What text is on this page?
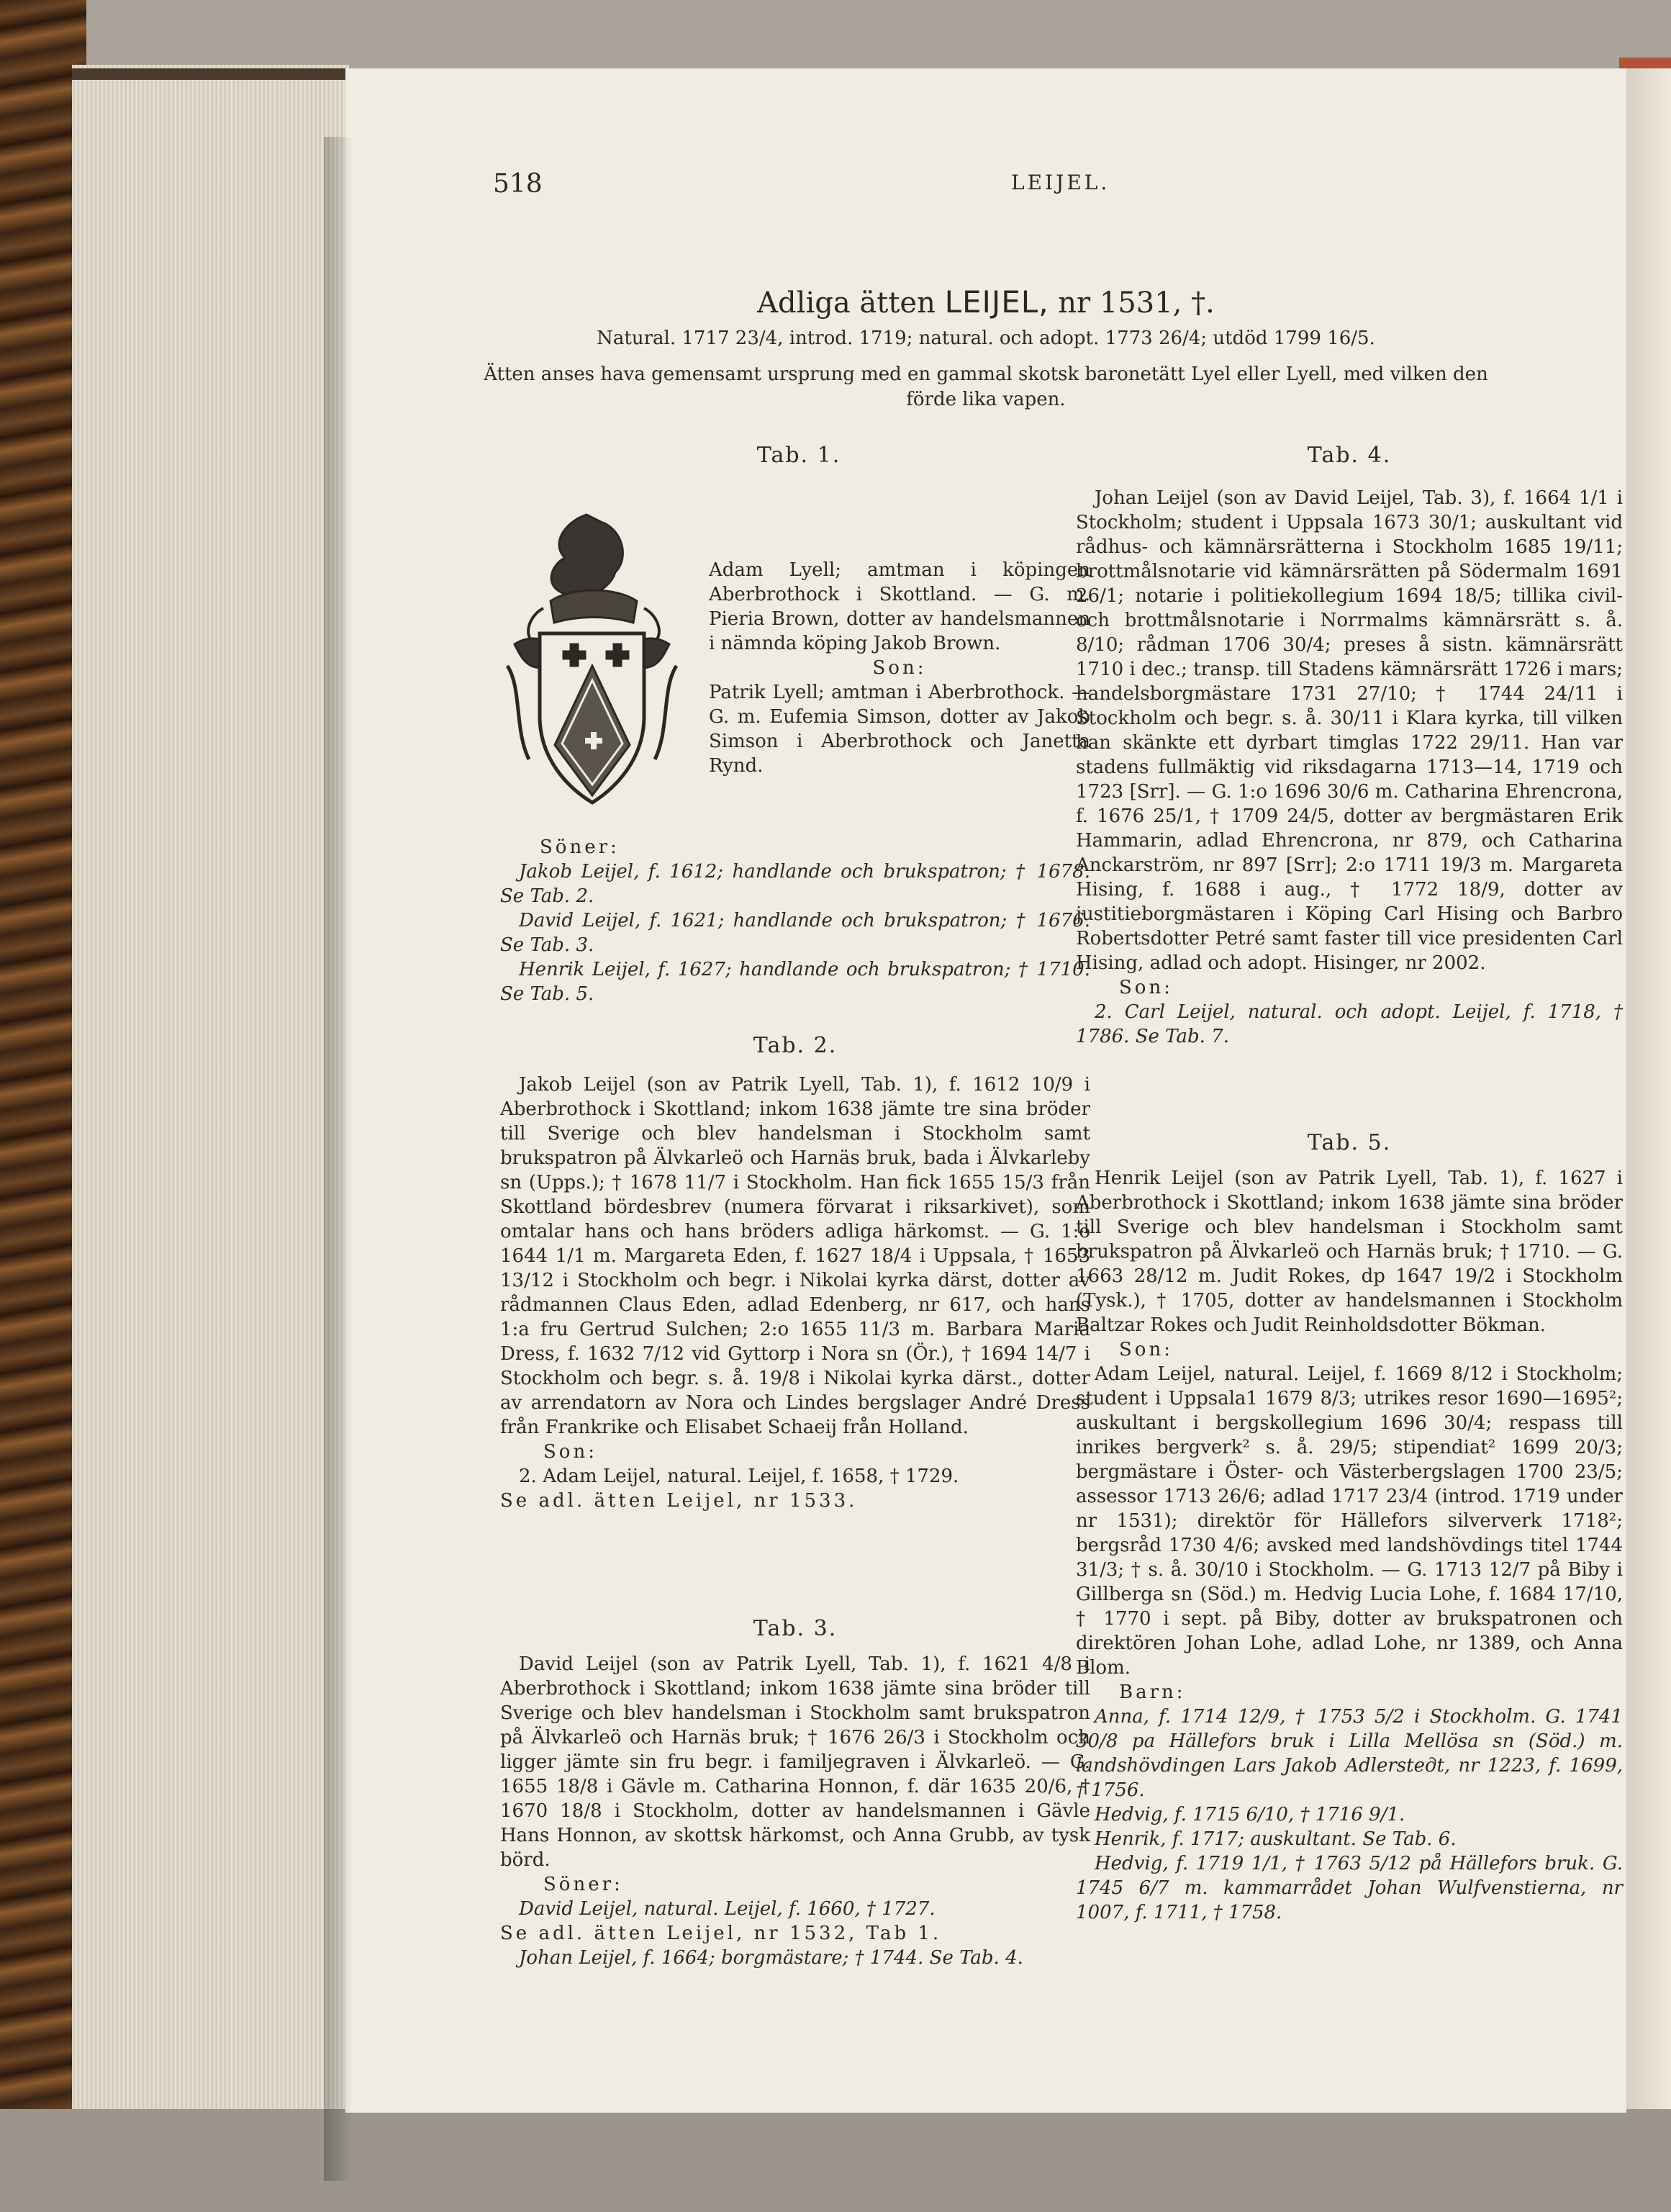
518	LEIJEL.

Adliga ätten LEIJEL, nr 1531, †.

Natural. 1717 23/4, introd. 1719; natural. och adopt. 1773 26/4; utdöd 1799 16/5.

Ätten anses hava gemensamt ursprung med en gammal skotsk baronetätt Lyel eller Lyell, med vilken den

förde lika vapen.

Tab. 1.

Adam Lyell; amtman i köpingen Aberbrothock i Skottland. — G. m. Pieria Brown, dotter av handelsmannen i nämnda köping Jakob Brown.

Son:

Patrik Lyell; amtman i Aberbrothock. — G. m. Eufemia Simson, dotter av Jakob Simson i Aberbrothock och Janetta Rynd.

Söner:

Jakob Leijel, f. 1612; handlande och brukspatron; † 1678. Se Tab. 2.

David Leijel, f. 1621; handlande och brukspatron; † 1676. Se Tab. 3.

Henrik Leijel, f. 1627; handlande och brukspatron; † 1710. Se Tab. 5.

Tab. 2.

Jakob Leijel (son av Patrik Lyell, Tab. 1), f. 1612 10/9 i Aberbrothock i Skottland; inkom 1638 jämte tre sina bröder till Sverige och blev handelsman i Stockholm samt brukspatron på Älvkarleö och Harnäs bruk, bada i Älvkarleby sn (Upps.); † 1678 11/7 i Stockholm. Han fick 1655 15/3 från Skottland bördesbrev (numera förvarat i riksarkivet), som omtalar hans och hans bröders adliga härkomst. — G. 1:o 1644 1/1 m. Margareta Eden, f. 1627 18/4 i Uppsala, † 1653 13/12 i Stockholm och begr. i Nikolai kyrka därst, dotter av rådmannen Claus Eden, adlad Edenberg, nr 617, och hans 1:a fru Gertrud Sulchen; 2:o 1655 11/3 m. Barbara Maria Dress, f. 1632 7/12 vid Gyttorp i Nora sn (Ör.), † 1694 14/7 i Stockholm och begr. s. å. 19/8 i Nikolai kyrka därst., dotter av arrendatorn av Nora och Lindes bergslager André Dress från Frankrike och Elisabet Schaeij från Holland.

Son:

2. Adam Leijel, natural. Leijel, f. 1658, † 1729.

Se adl. ätten Leijel, nr 1533.

Tab. 3.

David Leijel (son av Patrik Lyell, Tab. 1), f. 1621 4/8 i Aberbrothock i Skottland; inkom 1638 jämte sina bröder till Sverige och blev handelsman i Stockholm samt brukspatron på Älvkarleö och Harnäs bruk; † 1676 26/3 i Stockholm och ligger jämte sin fru begr. i familjegraven i Älvkarleö. — G. 1655 18/8 i Gävle m. Catharina Honnon, f. där 1635 20/6, † 1670 18/8 i Stockholm, dotter av handelsmannen i Gävle Hans Honnon, av skottsk härkomst, och Anna Grubb, av tysk börd.

Söner:

David Leijel, natural. Leijel, f. 1660, † 1727.

Se adl. ätten Leijel, nr 1532, Tab 1.

Johan Leijel, f. 1664; borgmästare; † 1744. Se Tab. 4.

Tab. 4.

Johan Leijel (son av David Leijel, Tab. 3), f. 1664 1/1 i Stockholm; student i Uppsala 1673 30/1; auskultant vid rådhus- och kämnärsrätterna i Stockholm 1685 19/11; brottmålsnotarie vid kämnärsrätten på Södermalm 1691 26/1; notarie i politiekollegium 1694 18/5; tillika civil- och brottmålsnotarie i Norrmalms kämnärsrätt s. å. 8/10; rådman 1706 30/4; preses å sistn. kämnärsrätt 1710 i dec.; transp. till Stadens kämnärsrätt 1726 i mars; handelsborgmästare 1731 27/10; † 1744 24/11 i Stockholm och begr. s. å. 30/11 i Klara kyrka, till vilken han skänkte ett dyrbart timglas 1722 29/11. Han var stadens fullmäktig vid riksdagarna 1713—14, 1719 och 1723 [Srr]. — G. 1:o 1696 30/6 m. Catharina Ehrencrona, f. 1676 25/1, † 1709 24/5, dotter av bergmästaren Erik Hammarin, adlad Ehrencrona, nr 879, och Catharina Anckarström, nr 897 [Srr]; 2:o 1711 19/3 m. Margareta Hising, f. 1688 i aug., † 1772 18/9, dotter av justitieborgmästaren i Köping Carl Hising och Barbro Robertsdotter Petré samt faster till vice presidenten Carl Hising, adlad och adopt. Hisinger, nr 2002.

Son:

2. Carl Leijel, natural. och adopt. Leijel, f. 1718, † 1786. Se Tab. 7.

Tab. 5.

Henrik Leijel (son av Patrik Lyell, Tab. 1), f. 1627 i Aberbrothock i Skottland; inkom 1638 jämte sina bröder till Sverige och blev handelsman i Stockholm samt brukspatron på Älvkarleö och Harnäs bruk; † 1710. — G. 1663 28/12 m. Judit Rokes, dp 1647 19/2 i Stockholm (Tysk.), † 1705, dotter av handelsmannen i Stockholm Baltzar Rokes och Judit Reinholdsdotter Bökman.

Son:

Adam Leijel, natural. Leijel, f. 1669 8/12 i Stockholm; student i Uppsala1 1679 8/3; utrikes resor 1690—1695²; auskultant i bergskollegium 1696 30/4; respass till inrikes bergverk² s. å. 29/5; stipendiat² 1699 20/3; bergmästare i Öster- och Västerbergslagen 1700 23/5; assessor 1713 26/6; adlad 1717 23/4 (introd. 1719 under nr 1531); direktör för Hällefors silververk 1718²; bergsråd 1730 4/6; avsked med landshövdings titel 1744 31/3; † s. å. 30/10 i Stockholm. — G. 1713 12/7 på Biby i Gillberga sn (Söd.) m. Hedvig Lucia Lohe, f. 1684 17/10, † 1770 i sept. på Biby, dotter av brukspatronen och direktören Johan Lohe, adlad Lohe, nr 1389, och Anna Blom.

Barn:

Anna, f. 1714 12/9, † 1753 5/2 i Stockholm. G. 1741 30/8 pa Hällefors bruk i Lilla Mellösa sn (Söd.) m. landshövdingen Lars Jakob Adlersteдt, nr 1223, f. 1699, † 1756.

Hedvig, f. 1715 6/10, † 1716 9/1.

Henrik, f. 1717; auskultant. Se Tab. 6.

Hedvig, f. 1719 1/1, † 1763 5/12 på Hällefors bruk. G. 1745 6/7 m. kammarrådet Johan Wulfvenstierna, nr 1007, f. 1711, † 1758.
